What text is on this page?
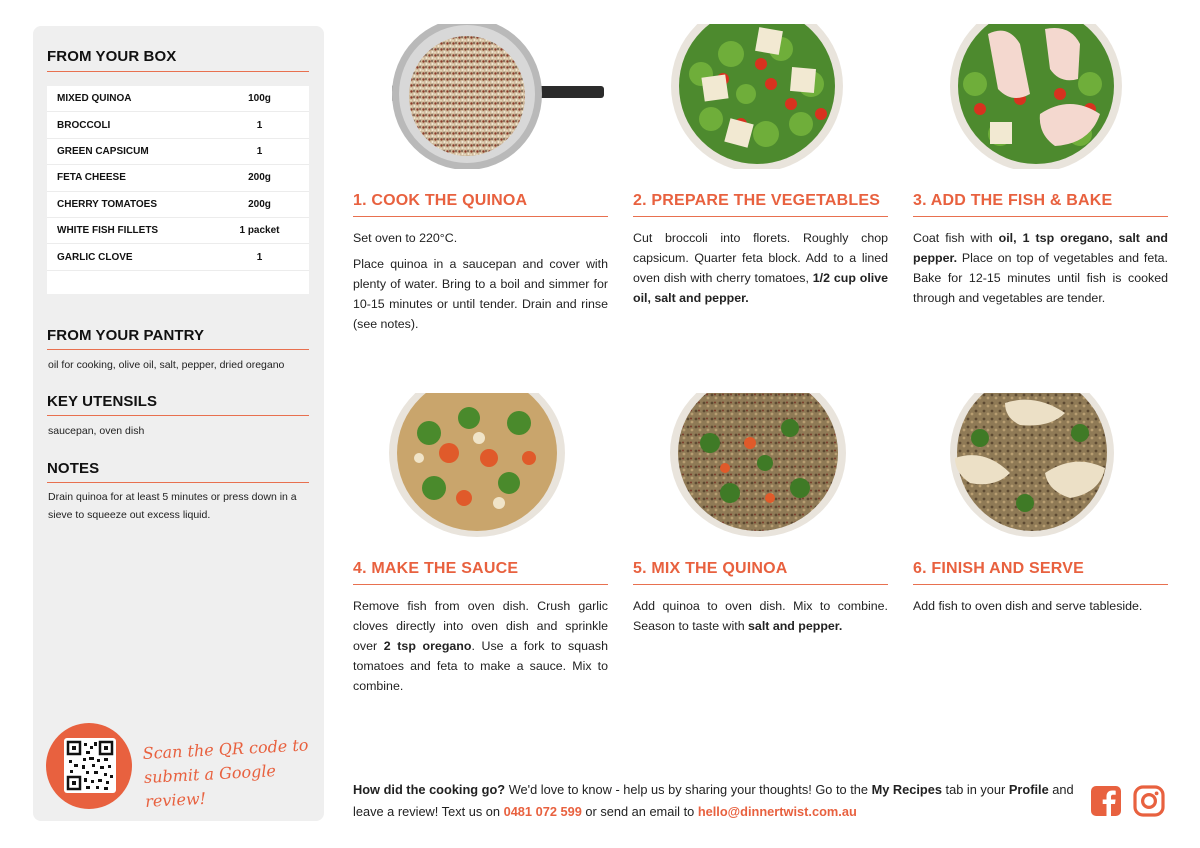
FROM YOUR BOX
MIXED QUINOA	100g
BROCCOLI	1
GREEN CAPSICUM	1
FETA CHEESE	200g
CHERRY TOMATOES	200g
WHITE FISH FILLETS	1 packet
GARLIC CLOVE	1
FROM YOUR PANTRY
oil for cooking, olive oil, salt, pepper, dried oregano
KEY UTENSILS
saucepan, oven dish
NOTES
Drain quinoa for at least 5 minutes or press down in a sieve to squeeze out excess liquid.
Scan the QR code to submit a Google review!
1. COOK THE QUINOA

Set oven to 220°C.

Place quinoa in a saucepan and cover with plenty of water. Bring to a boil and simmer for 10-15 minutes or until tender. Drain and rinse (see notes).

2. PREPARE THE VEGETABLES

Cut broccoli into florets. Roughly chop capsicum. Quarter feta block. Add to a lined oven dish with cherry tomatoes, 1/2 cup olive oil, salt and pepper.

3. ADD THE FISH & BAKE

Coat fish with oil, 1 tsp oregano, salt and pepper. Place on top of vegetables and feta. Bake for 12-15 minutes until fish is cooked through and vegetables are tender.

4. MAKE THE SAUCE

Remove fish from oven dish. Crush garlic cloves directly into oven dish and sprinkle over 2 tsp oregano. Use a fork to squash tomatoes and feta to make a sauce. Mix to combine.

5. MIX THE QUINOA

Add quinoa to oven dish. Mix to combine. Season to taste with salt and pepper.

6. FINISH AND SERVE

Add fish to oven dish and serve tableside.

How did the cooking go? We'd love to know - help us by sharing your thoughts! Go to the My Recipes tab in your Profile and leave a review! Text us on 0481 072 599 or send an email to hello@dinnertwist.com.au
